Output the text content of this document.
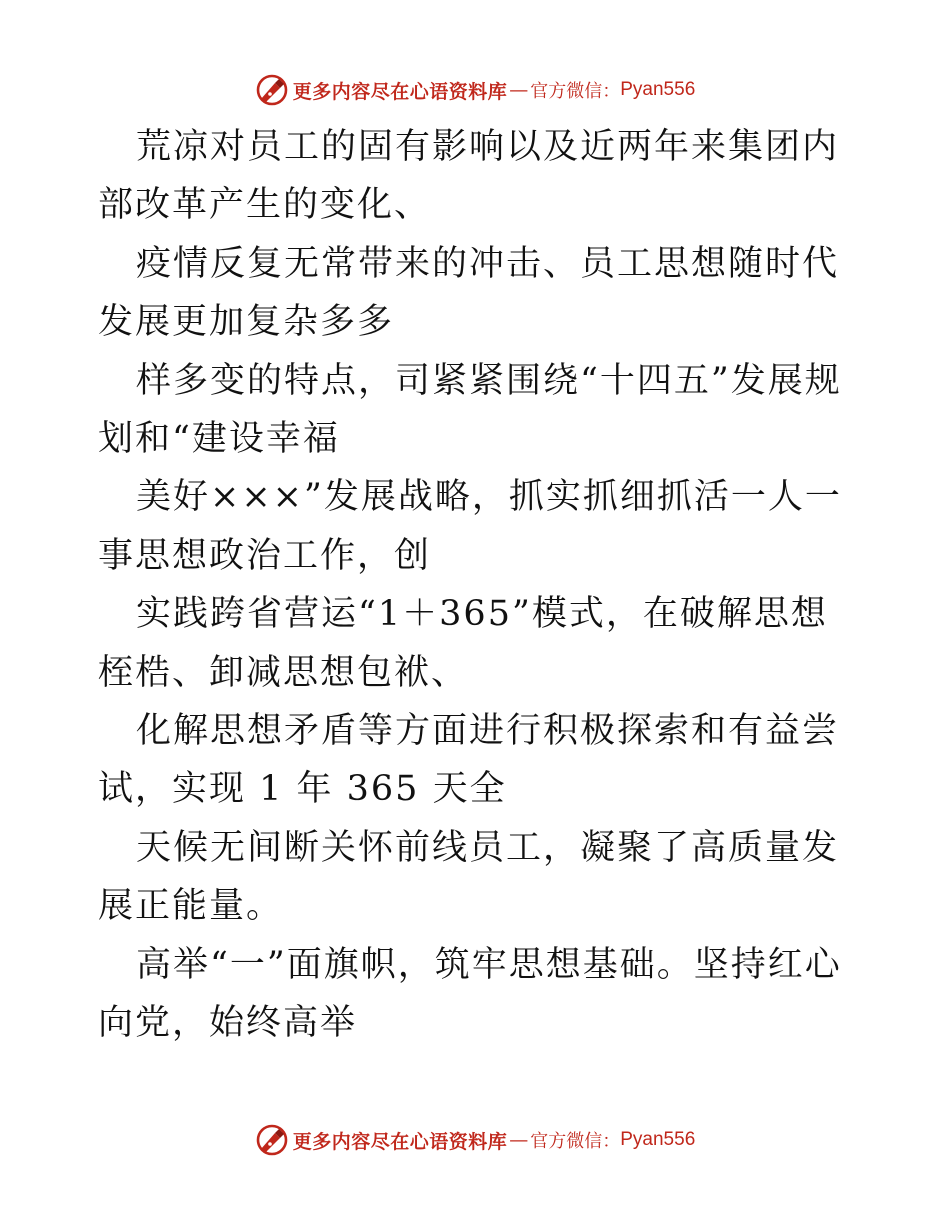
更多内容尽在心语资料库 — 官方微信： Pyan556

荒凉对员工的固有影响以及近两年来集团内部改革产生的变化、

疫情反复无常带来的冲击、员工思想随时代发展更加复杂多多

样多变的特点，司紧紧围绕“十四五”发展规划和“建设幸福

美好×××”发展战略，抓实抓细抓活一人一事思想政治工作，创

实践跨省营运“1＋365”模式，在破解思想桎梏、卸减思想包袱、

化解思想矛盾等方面进行积极探索和有益尝试，实现 1 年 365 天全

天候无间断关怀前线员工，凝聚了高质量发展正能量。

高举“一”面旗帜，筑牢思想基础。坚持红心向党，始终高举

更多内容尽在心语资料库 — 官方微信： Pyan556
